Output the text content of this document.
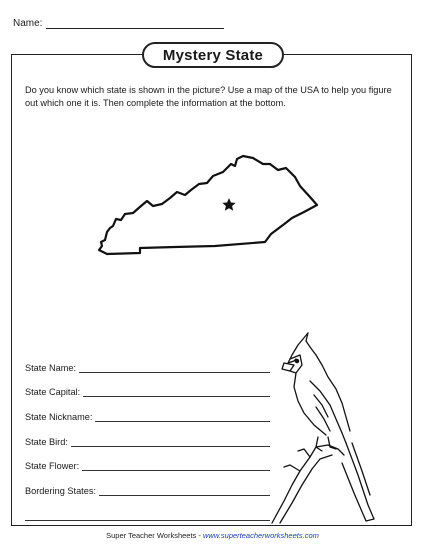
Name:
Mystery State
Do you know which state is shown in the picture? Use a map of the USA to help you figure out which one it is. Then complete the information at the bottom.
State Name:
State Capital:
State Nickname:
State Bird:
State Flower:
Bordering States:
Super Teacher Worksheets - www.superteacherworksheets.com
